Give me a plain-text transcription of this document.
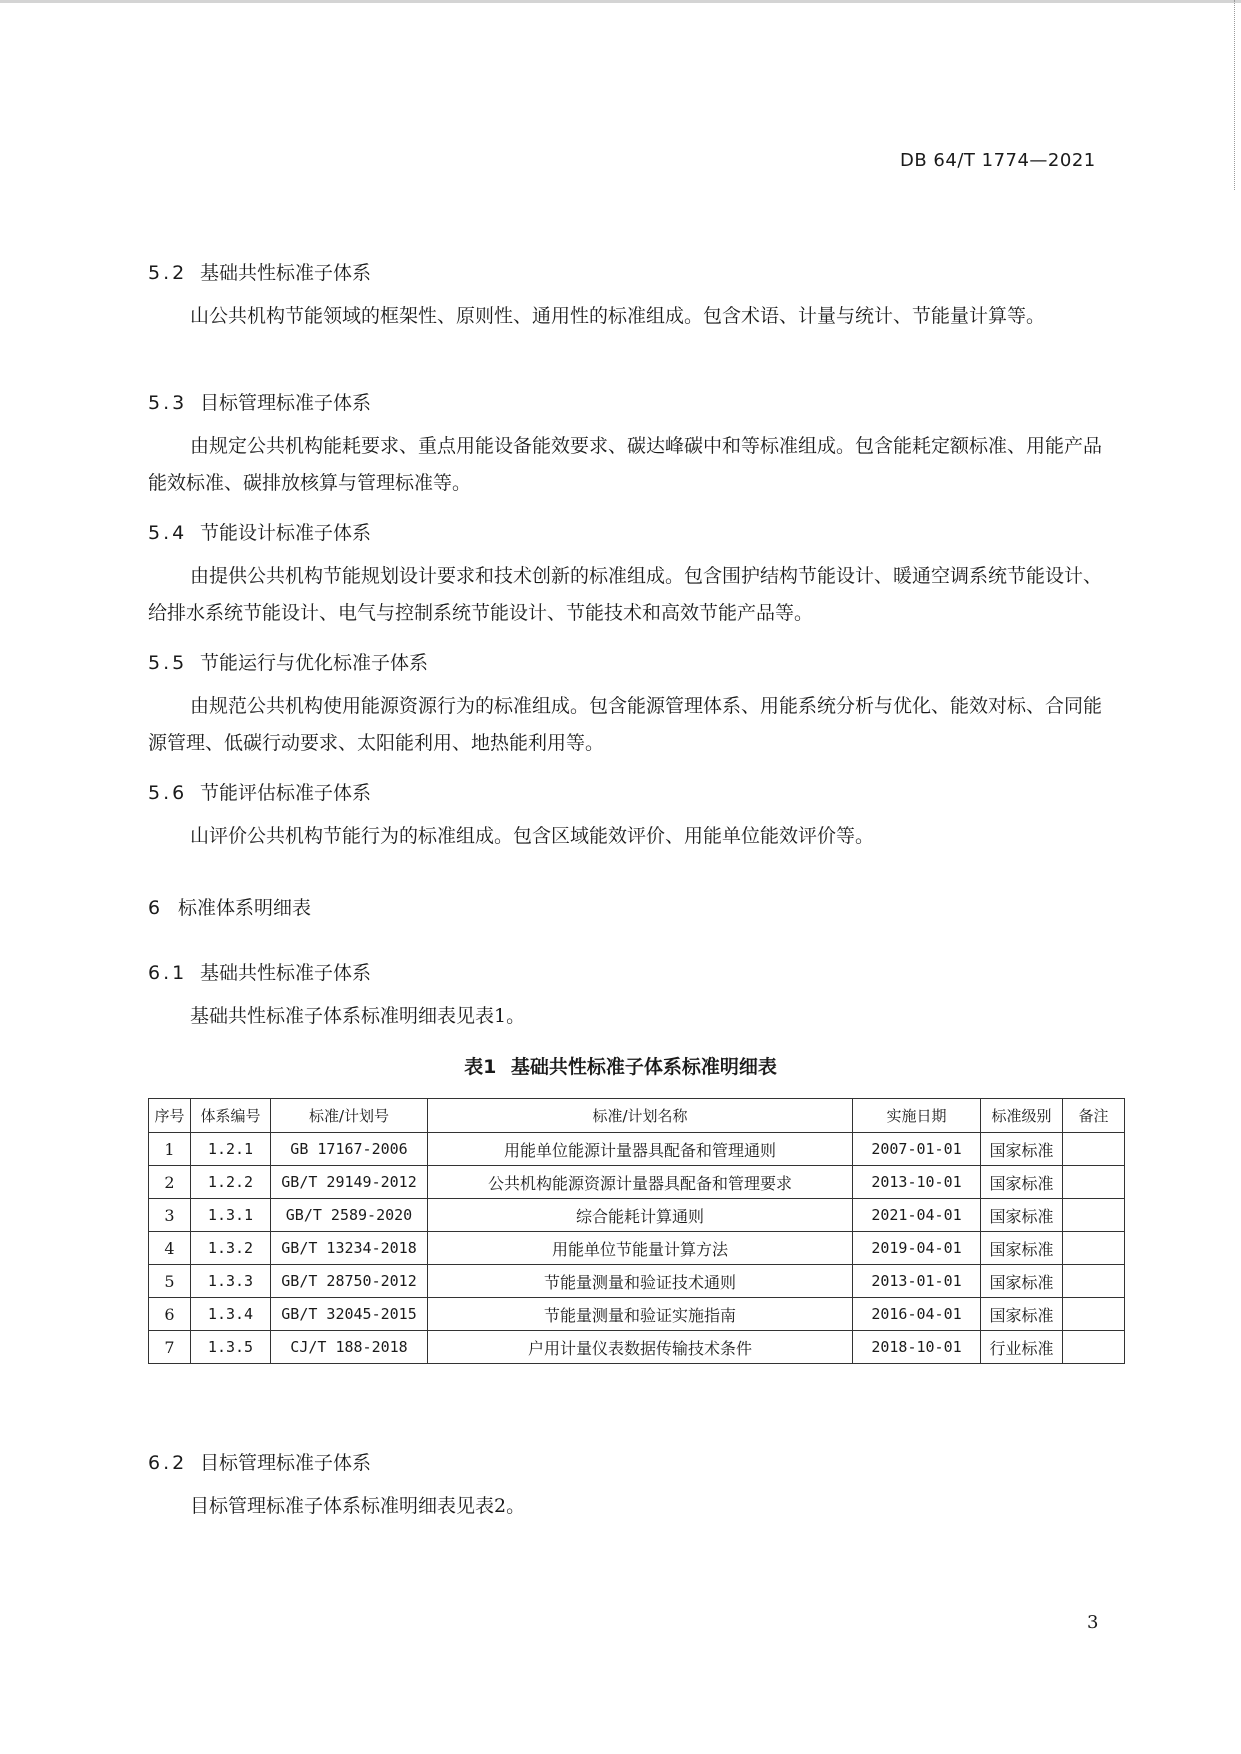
DB 64/T 1774—2021
5.2 基础共性标准子体系
山公共机构节能领域的框架性、原则性、通用性的标准组成。包含术语、计量与统计、节能量计算等。
5.3 目标管理标准子体系
由规定公共机构能耗要求、重点用能设备能效要求、碳达峰碳中和等标准组成。包含能耗定额标准、用能产品能效标准、碳排放核算与管理标准等。
5.4 节能设计标准子体系
由提供公共机构节能规划设计要求和技术创新的标准组成。包含围护结构节能设计、暖通空调系统节能设计、给排水系统节能设计、电气与控制系统节能设计、节能技术和高效节能产品等。
5.5 节能运行与优化标准子体系
由规范公共机构使用能源资源行为的标准组成。包含能源管理体系、用能系统分析与优化、能效对标、合同能源管理、低碳行动要求、太阳能利用、地热能利用等。
5.6 节能评估标准子体系
山评价公共机构节能行为的标准组成。包含区域能效评价、用能单位能效评价等。
6 标准体系明细表
6.1 基础共性标准子体系
基础共性标准子体系标准明细表见表1。
表1 基础共性标准子体系标准明细表
序号	体系编号	标准/计划号	标准/计划名称	实施日期	标准级别	备注
1	1.2.1	GB 17167-2006	用能单位能源计量器具配备和管理通则	2007-01-01	国家标准	
2	1.2.2	GB/T 29149-2012	公共机构能源资源计量器具配备和管理要求	2013-10-01	国家标准	
3	1.3.1	GB/T 2589-2020	综合能耗计算通则	2021-04-01	国家标准	
4	1.3.2	GB/T 13234-2018	用能单位节能量计算方法	2019-04-01	国家标准	
5	1.3.3	GB/T 28750-2012	节能量测量和验证技术通则	2013-01-01	国家标准	
6	1.3.4	GB/T 32045-2015	节能量测量和验证实施指南	2016-04-01	国家标准	
7	1.3.5	CJ/T 188-2018	户用计量仪表数据传输技术条件	2018-10-01	行业标准	
6.2 目标管理标准子体系
目标管理标准子体系标准明细表见表2。
3
